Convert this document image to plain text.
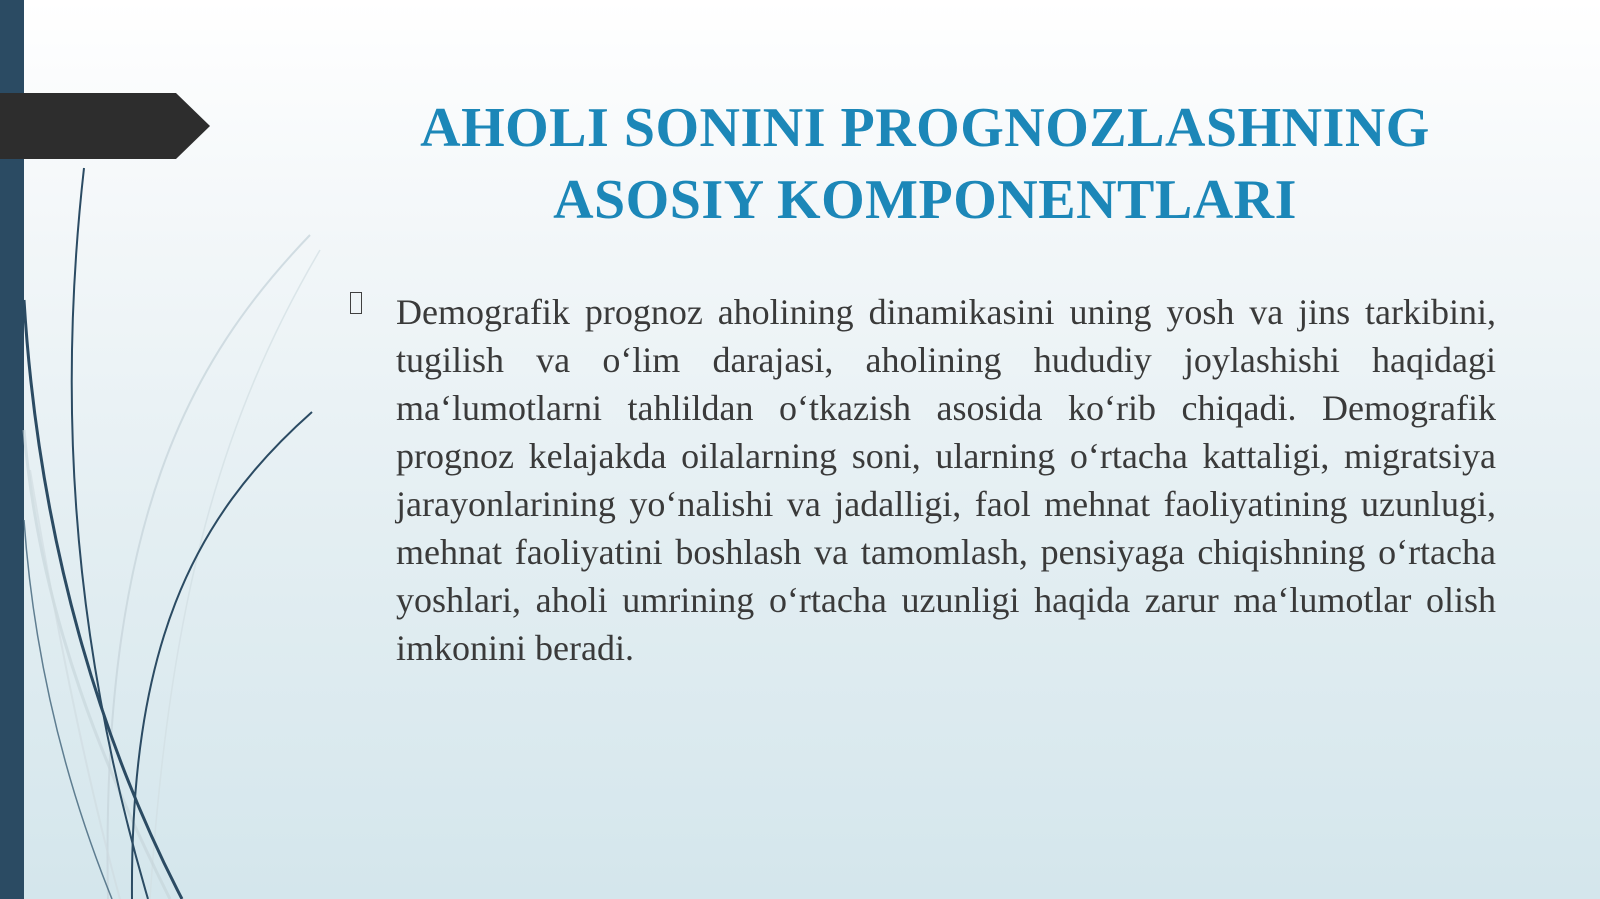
AHOLI SONINI PROGNOZLASHNING ASOSIY KOMPONENTLARI

Demografik prognoz aholining dinamikasini uning yosh va jins tarkibini, tugilish va o‘lim darajasi, aholining hududiy joylashishi haqidagi ma‘lumotlarni tahlildan o‘tkazish asosida ko‘rib chiqadi. Demografik prognoz kelajakda oilalarning soni, ularning o‘rtacha kattaligi, migratsiya jarayonlarining yo‘nalishi va jadalligi, faol mehnat faoliyatining uzunlugi, mehnat faoliyatini boshlash va tamomlash, pensiyaga chiqishning o‘rtacha yoshlari, aholi umrining o‘rtacha uzunligi haqida zarur ma‘lumotlar olish imkonini beradi.
